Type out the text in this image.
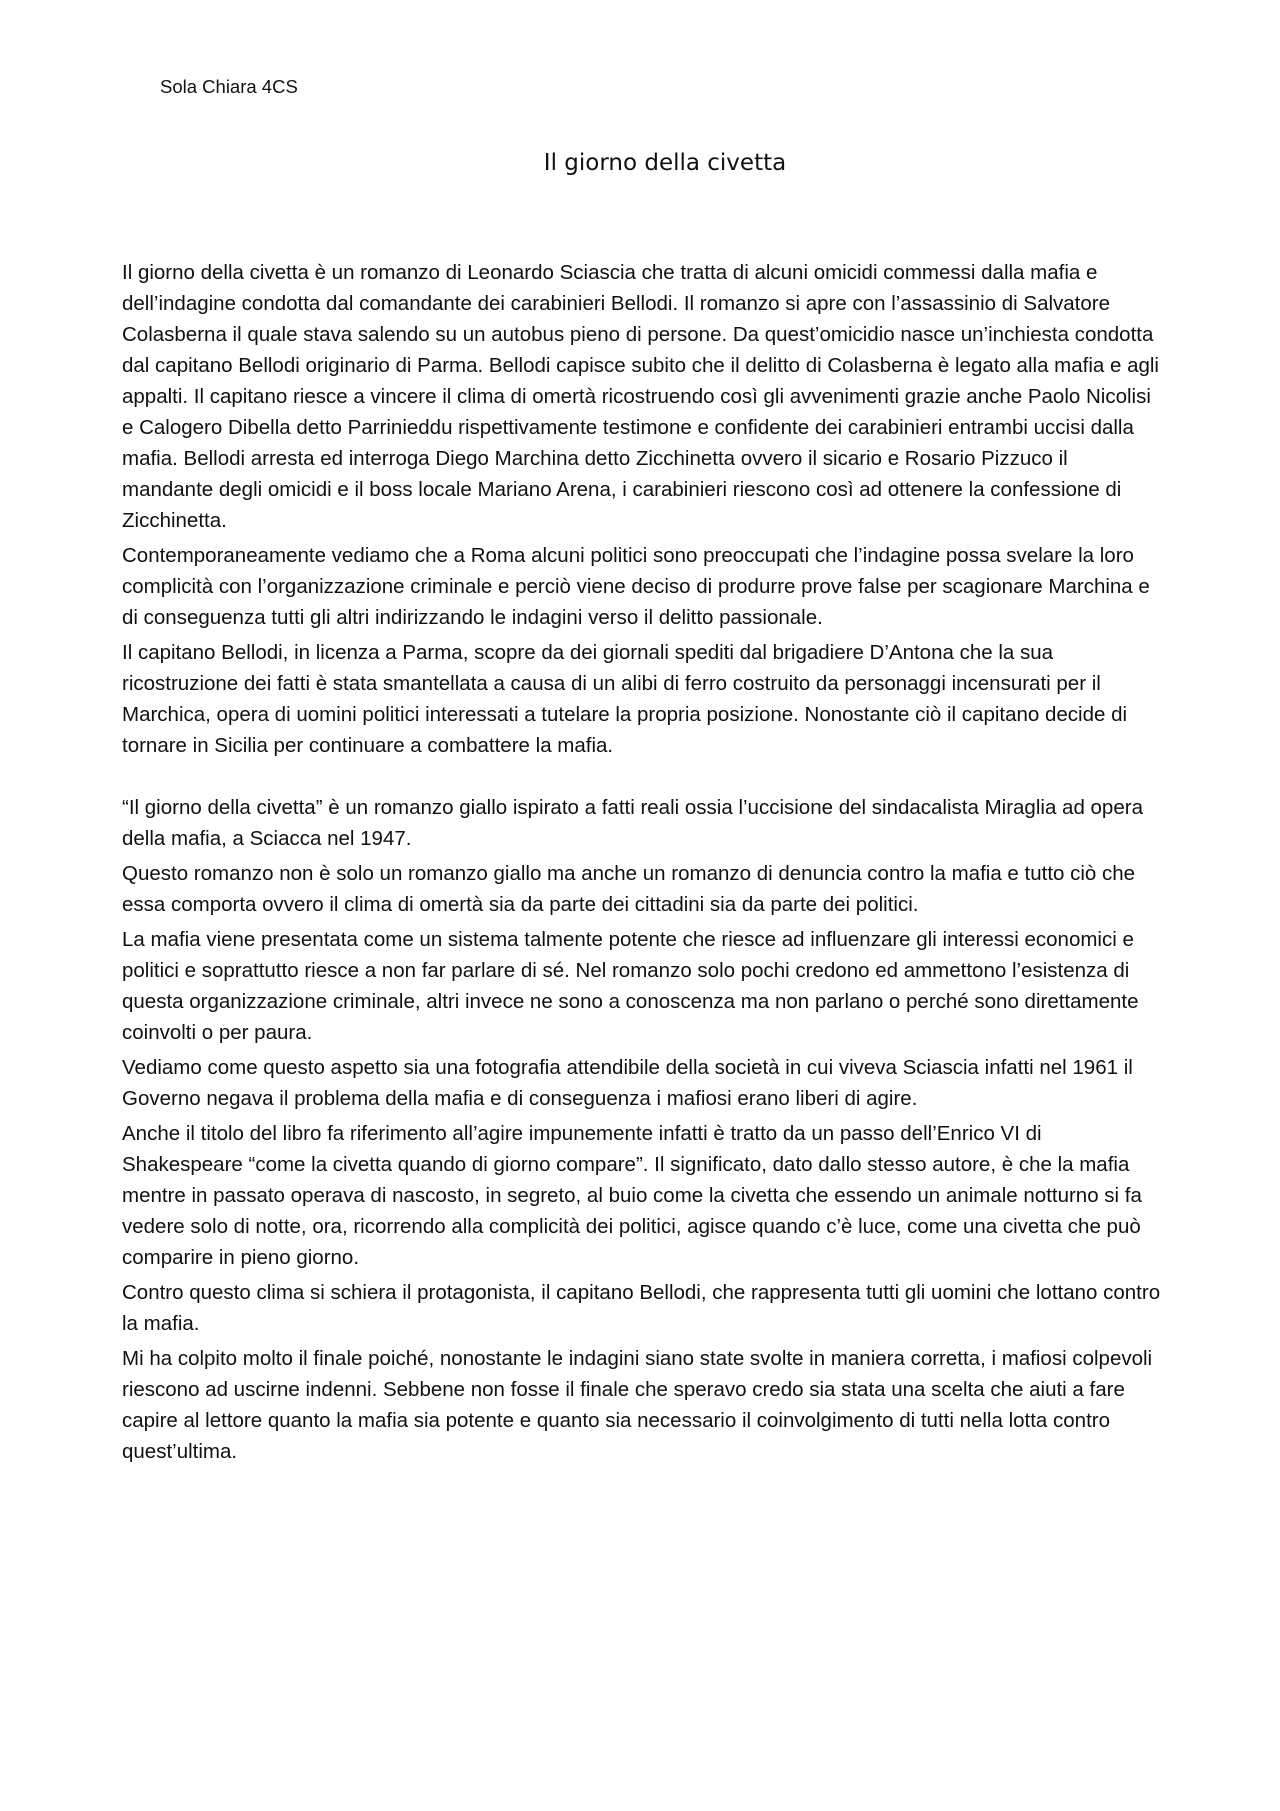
Sola Chiara 4CS
Il giorno della civetta

Il giorno della civetta è un romanzo di Leonardo Sciascia che tratta di alcuni omicidi commessi dalla mafia e dell’indagine condotta dal comandante dei carabinieri Bellodi. Il romanzo si apre con l’assassinio di Salvatore Colasberna il quale stava salendo su un autobus pieno di persone. Da quest’omicidio nasce un’inchiesta condotta dal capitano Bellodi originario di Parma. Bellodi capisce subito che il delitto di Colasberna è legato alla mafia e agli appalti. Il capitano riesce a vincere il clima di omertà ricostruendo così gli avvenimenti grazie anche Paolo Nicolisi e Calogero Dibella detto Parrinieddu rispettivamente testimone e confidente dei carabinieri entrambi uccisi dalla mafia. Bellodi arresta ed interroga Diego Marchina detto Zicchinetta ovvero il sicario e Rosario Pizzuco il mandante degli omicidi e il boss locale Mariano Arena, i carabinieri riescono così ad ottenere la confessione di Zicchinetta.

Contemporaneamente vediamo che a Roma alcuni politici sono preoccupati che l’indagine possa svelare la loro complicità con l’organizzazione criminale e perciò viene deciso di produrre prove false per scagionare Marchina e di conseguenza tutti gli altri indirizzando le indagini verso il delitto passionale.

Il capitano Bellodi, in licenza a Parma, scopre da dei giornali spediti dal brigadiere D’Antona che la sua ricostruzione dei fatti è stata smantellata a causa di un alibi di ferro costruito da personaggi incensurati per il Marchica, opera di uomini politici interessati a tutelare la propria posizione. Nonostante ciò il capitano decide di tornare in Sicilia per continuare a combattere la mafia.

“Il giorno della civetta” è un romanzo giallo ispirato a fatti reali ossia l’uccisione del sindacalista Miraglia ad opera della mafia, a Sciacca nel 1947.

Questo romanzo non è solo un romanzo giallo ma anche un romanzo di denuncia contro la mafia e tutto ciò che essa comporta ovvero il clima di omertà sia da parte dei cittadini sia da parte dei politici.

La mafia viene presentata come un sistema talmente potente che riesce ad influenzare gli interessi economici e politici e soprattutto riesce a non far parlare di sé. Nel romanzo solo pochi credono ed ammettono l’esistenza di questa organizzazione criminale, altri invece ne sono a conoscenza ma non parlano o perché sono direttamente coinvolti o per paura.

Vediamo come questo aspetto sia una fotografia attendibile della società in cui viveva Sciascia infatti nel 1961 il Governo negava il problema della mafia e di conseguenza i mafiosi erano liberi di agire.

Anche il titolo del libro fa riferimento all’agire impunemente infatti è tratto da un passo dell’Enrico VI di Shakespeare “come la civetta quando di giorno compare”. Il significato, dato dallo stesso autore, è che la mafia mentre in passato operava di nascosto, in segreto, al buio come la civetta che essendo un animale notturno si fa vedere solo di notte, ora, ricorrendo alla complicità dei politici, agisce quando c’è luce, come una civetta che può comparire in pieno giorno.

Contro questo clima si schiera il protagonista, il capitano Bellodi, che rappresenta tutti gli uomini che lottano contro la mafia.

Mi ha colpito molto il finale poiché, nonostante le indagini siano state svolte in maniera corretta, i mafiosi colpevoli riescono ad uscirne indenni. Sebbene non fosse il finale che speravo credo sia stata una scelta che aiuti a fare capire al lettore quanto la mafia sia potente e quanto sia necessario il coinvolgimento di tutti nella lotta contro quest’ultima.
